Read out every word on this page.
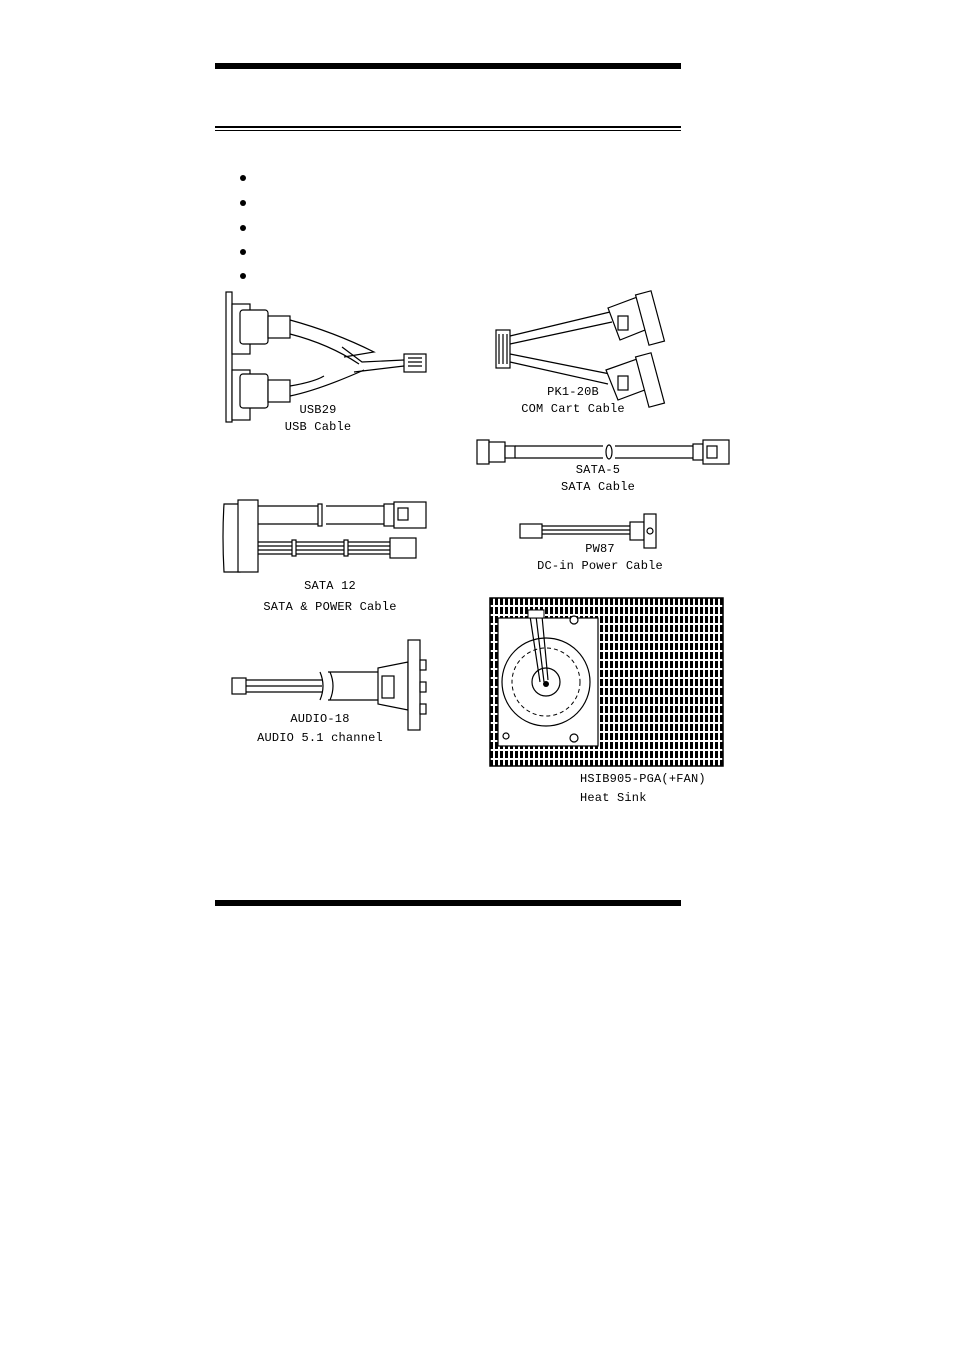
USB29
USB Cable
PK1-20B
COM Cart Cable
SATA-5
SATA Cable
SATA 12
SATA & POWER Cable
PW87
DC-in Power Cable
AUDIO-18
AUDIO 5.1 channel
HSIB905-PGA(+FAN)
Heat Sink
